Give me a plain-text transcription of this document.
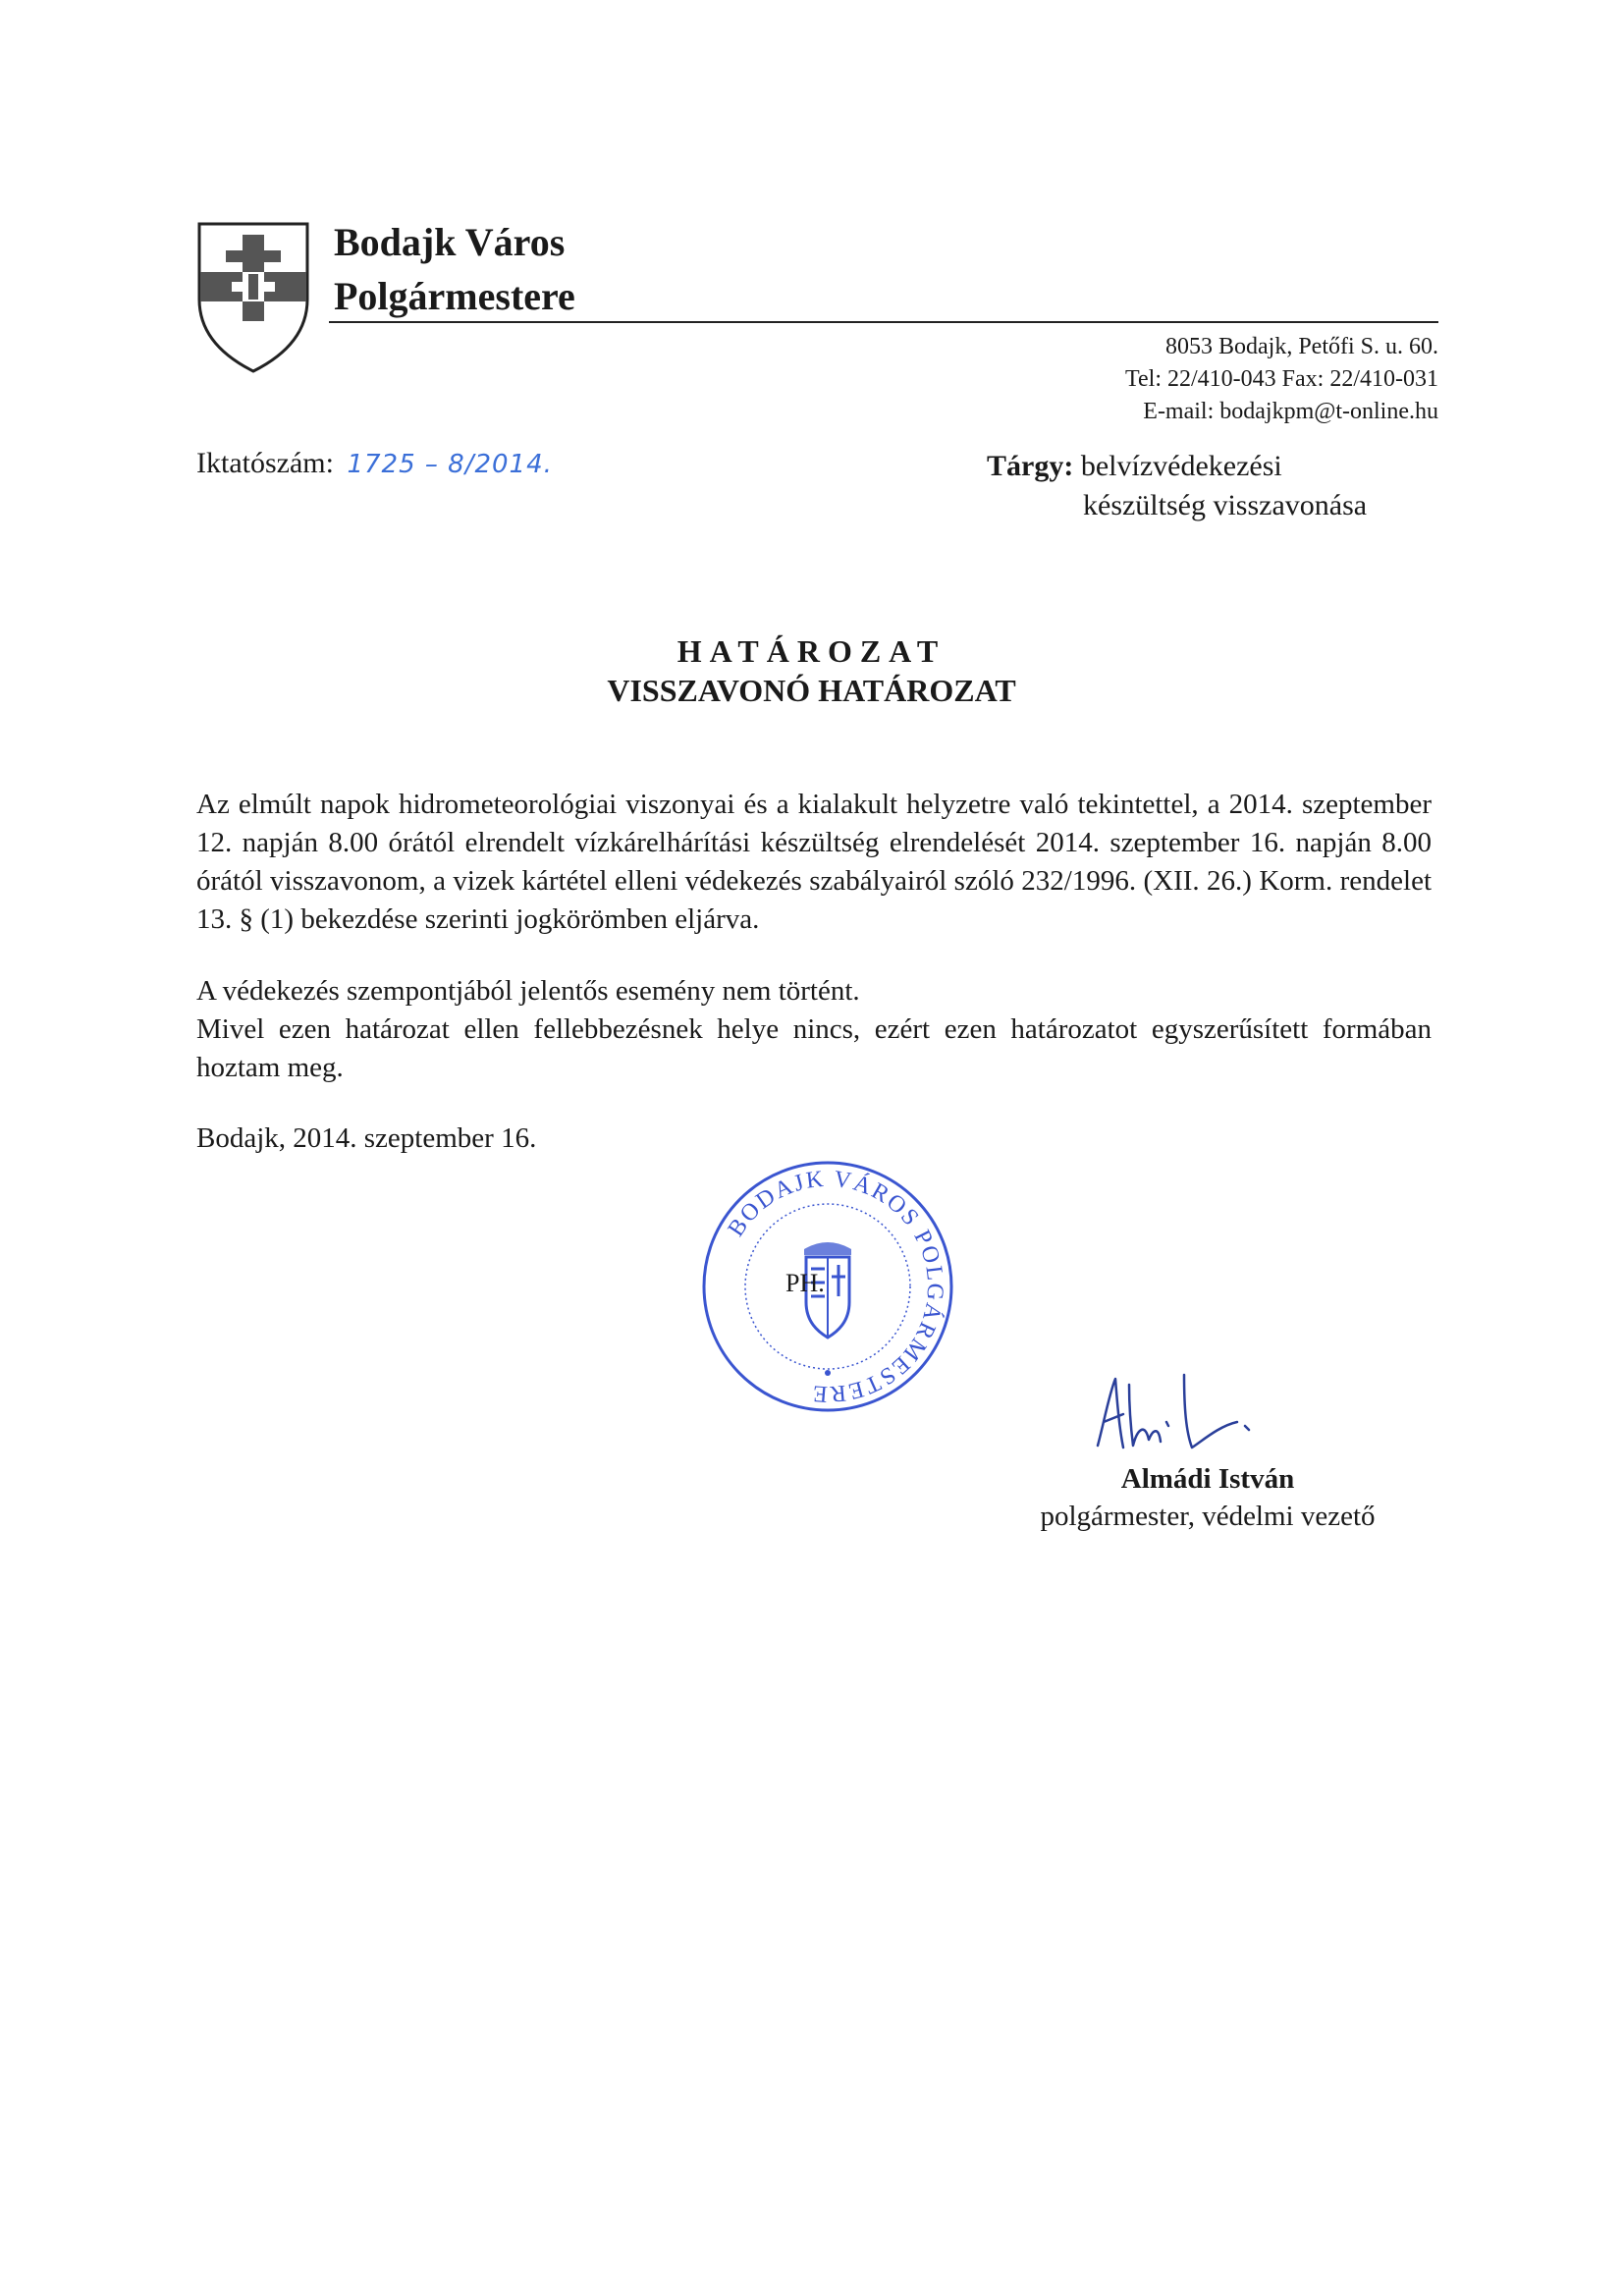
Bodajk Város
Polgármestere
8053 Bodajk, Petőfi S. u. 60.
Tel: 22/410-043 Fax: 22/410-031
E-mail: bodajkpm@t-online.hu
Iktatószám: 1725 – 8/2014.	Tárgy: belvízvédekezési
készültség visszavonása
HATÁROZAT
VISSZAVONÓ HATÁROZAT
Az elmúlt napok hidrometeorológiai viszonyai és a kialakult helyzetre való tekintettel, a 2014. szeptember 12. napján 8.00 órától elrendelt vízkárelhárítási készültség elrendelését 2014. szeptember 16. napján 8.00 órától visszavonom, a vizek kártétel elleni védekezés szabályairól szóló 232/1996. (XII. 26.) Korm. rendelet 13. § (1) bekezdése szerinti jogkörömben eljárva.
A védekezés szempontjából jelentős esemény nem történt.
Mivel ezen határozat ellen fellebbezésnek helye nincs, ezért ezen határozatot egyszerűsített formában hoztam meg.
Bodajk, 2014. szeptember 16.
BODAJK VÁROS POLGÁRMESTERE
PH.
Almádi István
polgármester, védelmi vezető
